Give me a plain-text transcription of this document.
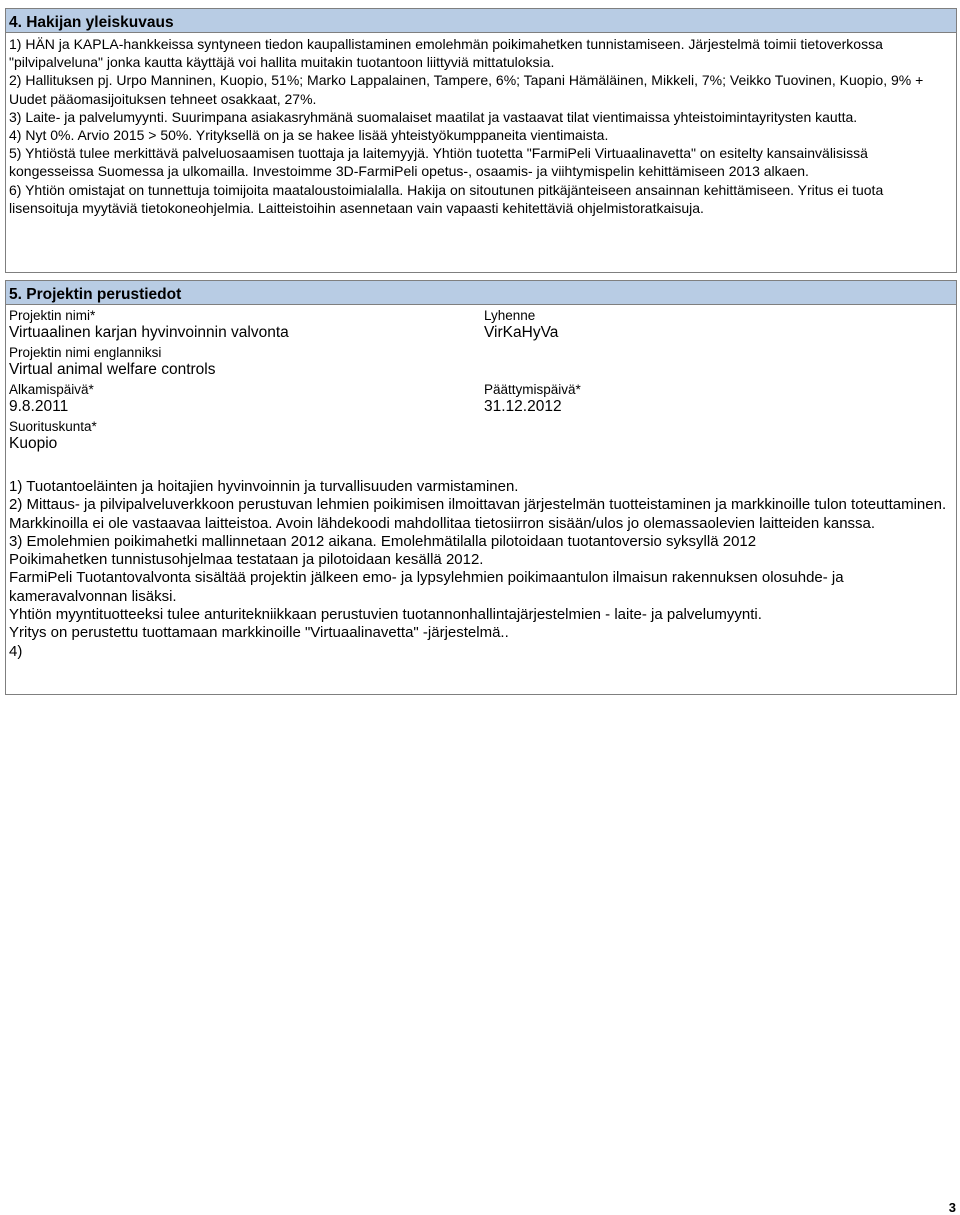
4. Hakijan yleiskuvaus

1) HÄN ja KAPLA-hankkeissa syntyneen tiedon kaupallistaminen emolehmän poikimahetken tunnistamiseen. Järjestelmä toimii tietoverkossa "pilvipalveluna" jonka kautta käyttäjä voi hallita muitakin tuotantoon liittyviä mittatuloksia.

2) Hallituksen pj. Urpo Manninen, Kuopio, 51%; Marko Lappalainen, Tampere, 6%; Tapani Hämäläinen, Mikkeli, 7%; Veikko Tuovinen, Kuopio, 9% + Uudet pääomasijoituksen tehneet osakkaat, 27%.

3) Laite- ja palvelumyynti. Suurimpana asiakasryhmänä suomalaiset maatilat ja vastaavat tilat vientimaissa yhteistoimintayritysten kautta.

4) Nyt 0%. Arvio 2015 > 50%. Yrityksellä on ja se hakee lisää yhteistyökumppaneita vientimaista.

5) Yhtiöstä tulee merkittävä palveluosaamisen tuottaja ja laitemyyjä. Yhtiön tuotetta "FarmiPeli Virtuaalinavetta" on esitelty kansainvälisissä kongesseissa Suomessa ja ulkomailla. Investoimme 3D-FarmiPeli opetus-, osaamis- ja viihtymispelin kehittämiseen 2013 alkaen.

6) Yhtiön omistajat on tunnettuja toimijoita maataloustoimialalla. Hakija on sitoutunen pitkäjänteiseen ansainnan kehittämiseen. Yritus ei tuota lisensoituja myytäviä tietokoneohjelmia. Laitteistoihin asennetaan vain vapaasti kehitettäviä ohjelmistoratkaisuja.

5. Projektin perustiedot
Projektin nimi*
Virtuaalinen karjan hyvinvoinnin valvonta
Lyhenne
VirKaHyVa
Projektin nimi englanniksi
Virtual animal welfare controls
Alkamispäivä*
9.8.2011
Päättymispäivä*
31.12.2012
Suorituskunta*
Kuopio

1) Tuotantoeläinten ja hoitajien hyvinvoinnin ja turvallisuuden varmistaminen.

2) Mittaus- ja pilvipalveluverkkoon perustuvan lehmien poikimisen ilmoittavan järjestelmän tuotteistaminen ja markkinoille tulon toteuttaminen. Markkinoilla ei ole vastaavaa laitteistoa. Avoin lähdekoodi mahdollitaa tietosiirron sisään/ulos jo olemassaolevien laitteiden kanssa.

3) Emolehmien poikimahetki mallinnetaan 2012 aikana. Emolehmätilalla pilotoidaan tuotantoversio syksyllä 2012

Poikimahetken tunnistusohjelmaa testataan ja pilotoidaan kesällä 2012.

FarmiPeli Tuotantovalvonta sisältää projektin jälkeen emo- ja lypsylehmien poikimaantulon ilmaisun rakennuksen olosuhde- ja kameravalvonnan lisäksi.

Yhtiön myyntituotteeksi tulee anturitekniikkaan perustuvien tuotannonhallintajärjestelmien - laite- ja palvelumyynti.

Yritys on perustettu tuottamaan markkinoille "Virtuaalinavetta" -järjestelmä..

4)

3
